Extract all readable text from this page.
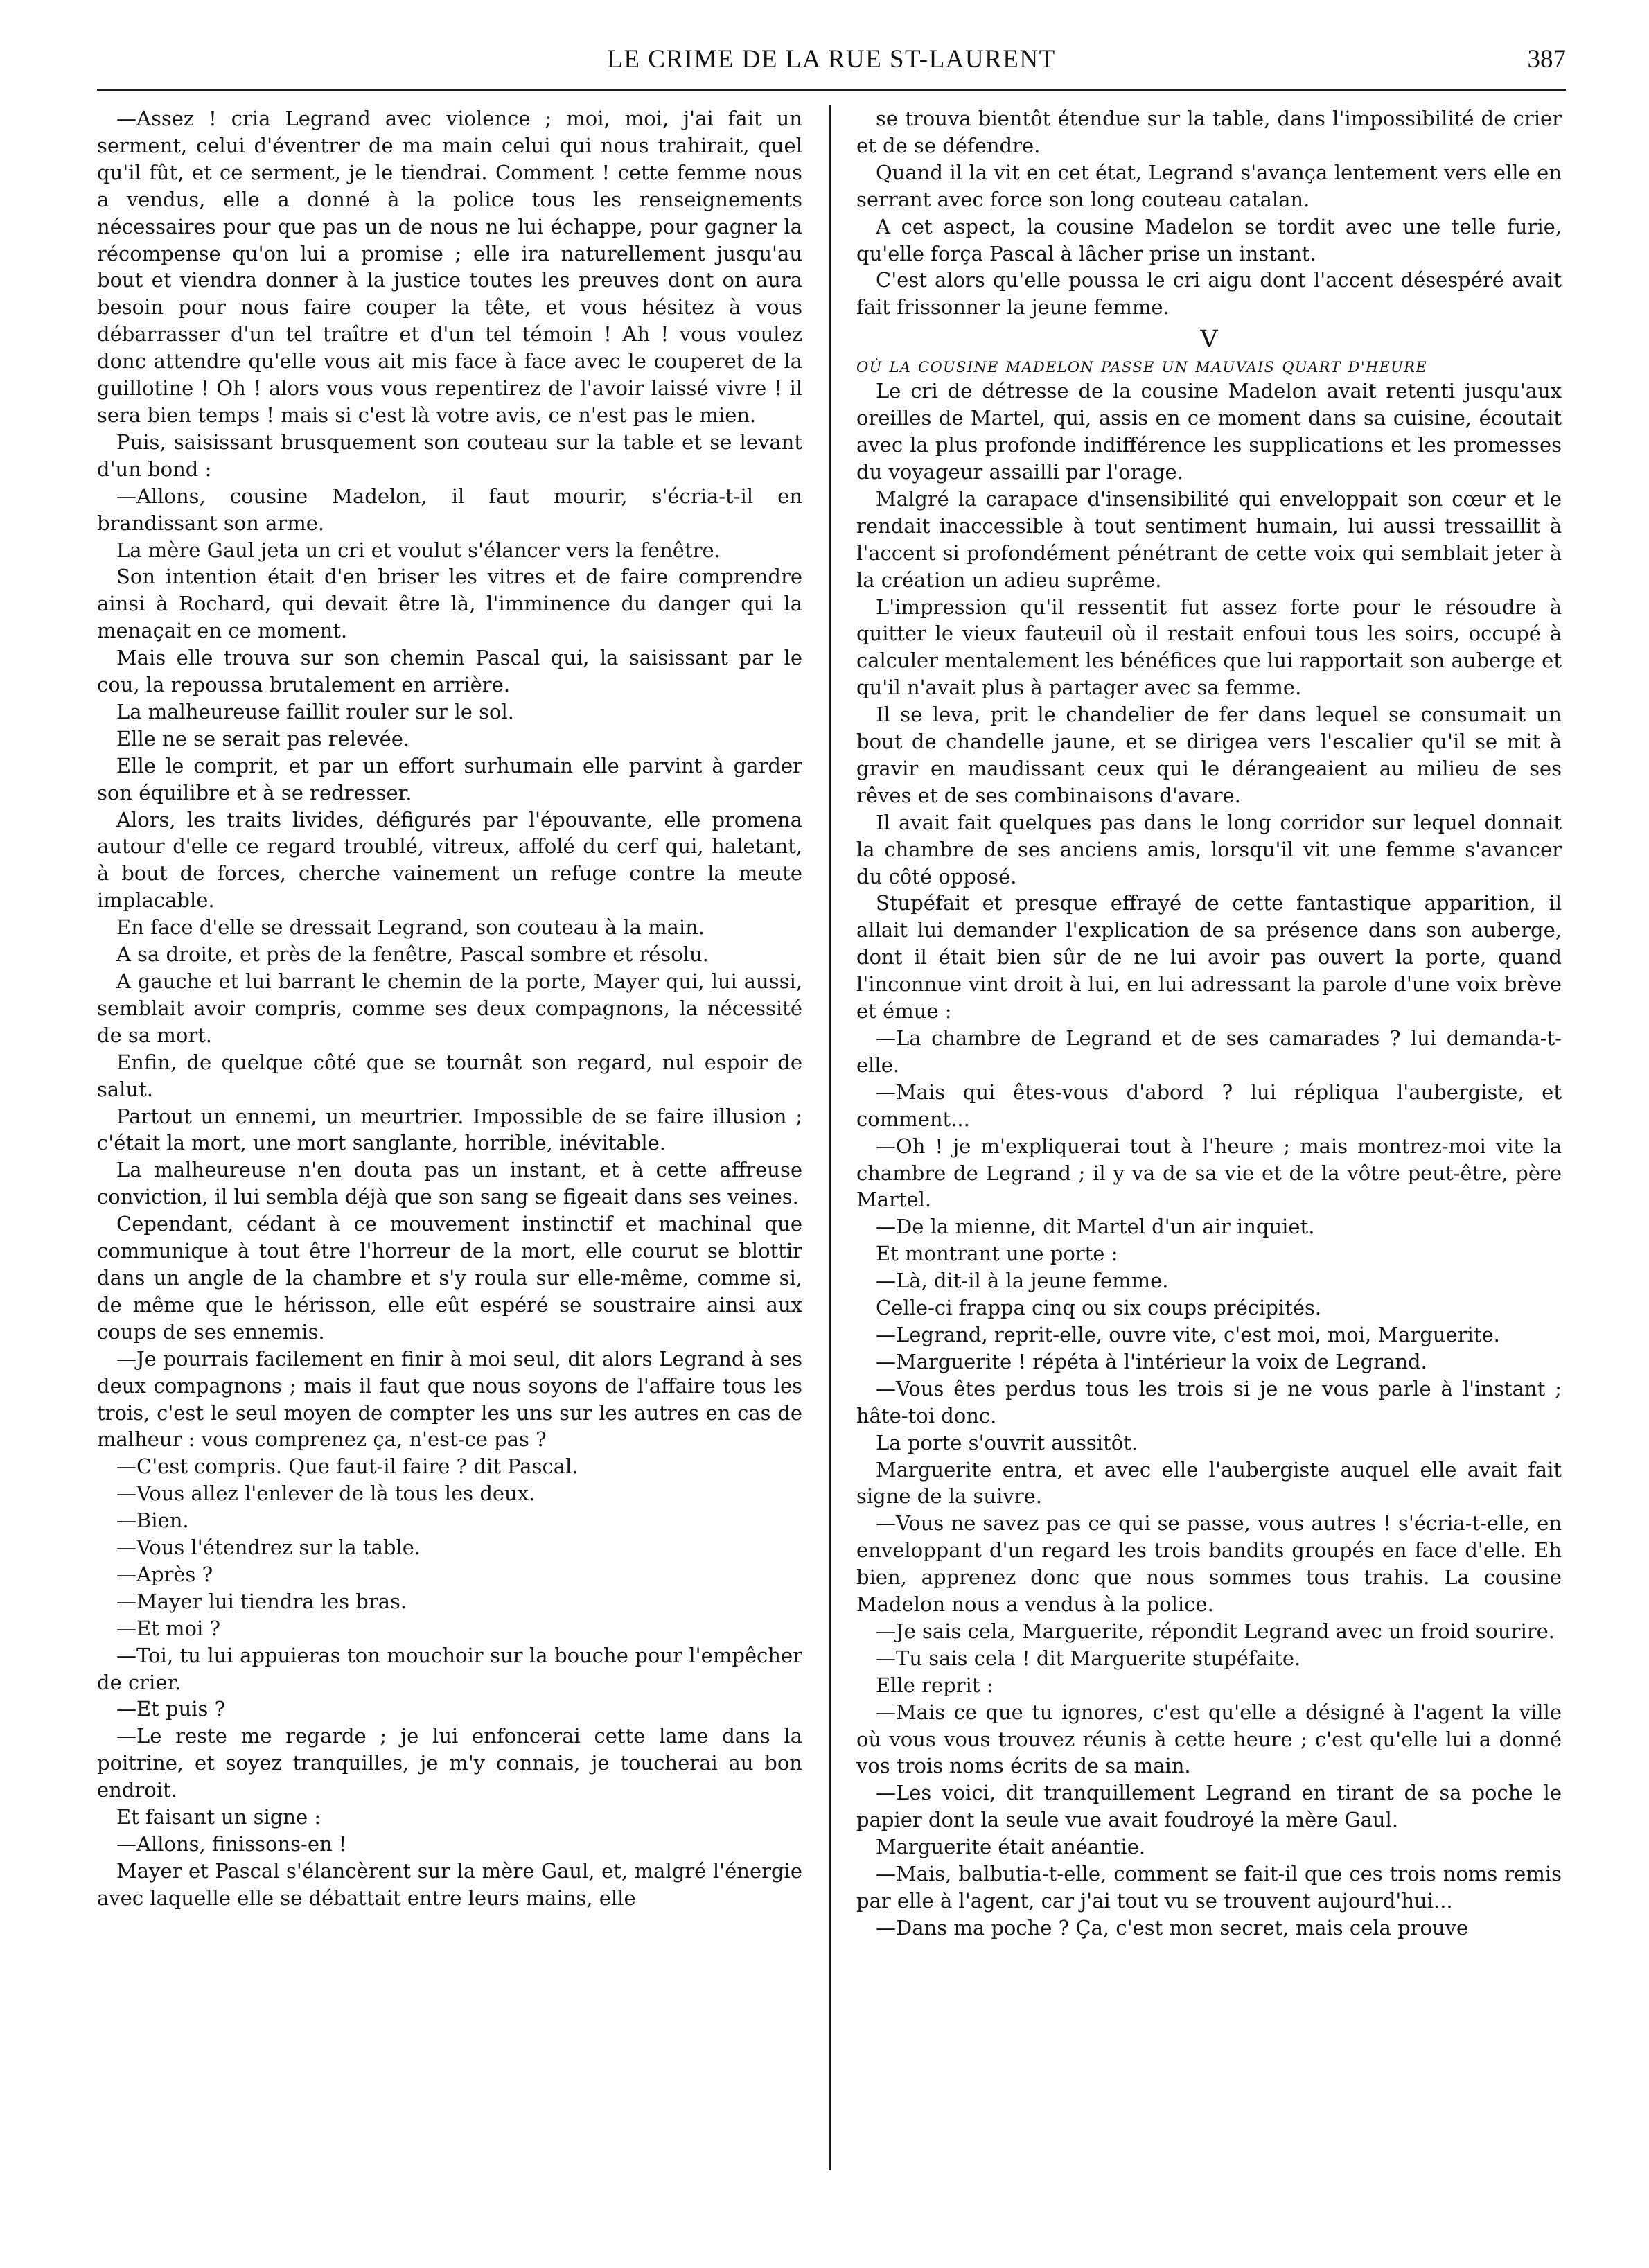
LE CRIME DE LA RUE ST-LAURENT	387

—Assez ! cria Legrand avec violence ; moi, moi, j'ai fait un serment, celui d'éventrer de ma main celui qui nous trahirait, quel qu'il fût, et ce serment, je le tiendrai. Comment ! cette femme nous a vendus, elle a donné à la police tous les renseignements nécessaires pour que pas un de nous ne lui échappe, pour gagner la récompense qu'on lui a promise ; elle ira naturellement jusqu'au bout et viendra donner à la justice toutes les preuves dont on aura besoin pour nous faire couper la tête, et vous hésitez à vous débarrasser d'un tel traître et d'un tel témoin ! Ah ! vous voulez donc attendre qu'elle vous ait mis face à face avec le couperet de la guillotine ! Oh ! alors vous vous repentirez de l'avoir laissé vivre ! il sera bien temps ! mais si c'est là votre avis, ce n'est pas le mien.

Puis, saisissant brusquement son couteau sur la table et se levant d'un bond :

—Allons, cousine Madelon, il faut mourir, s'écria-t-il en brandissant son arme.

La mère Gaul jeta un cri et voulut s'élancer vers la fenêtre.

Son intention était d'en briser les vitres et de faire comprendre ainsi à Rochard, qui devait être là, l'imminence du danger qui la menaçait en ce moment.

Mais elle trouva sur son chemin Pascal qui, la saisissant par le cou, la repoussa brutalement en arrière.

La malheureuse faillit rouler sur le sol.

Elle ne se serait pas relevée.

Elle le comprit, et par un effort surhumain elle parvint à garder son équilibre et à se redresser.

Alors, les traits livides, défigurés par l'épouvante, elle promena autour d'elle ce regard troublé, vitreux, affolé du cerf qui, haletant, à bout de forces, cherche vainement un refuge contre la meute implacable.

En face d'elle se dressait Legrand, son couteau à la main.

A sa droite, et près de la fenêtre, Pascal sombre et résolu.

A gauche et lui barrant le chemin de la porte, Mayer qui, lui aussi, semblait avoir compris, comme ses deux compagnons, la nécessité de sa mort.

Enfin, de quelque côté que se tournât son regard, nul espoir de salut.

Partout un ennemi, un meurtrier. Impossible de se faire illusion ; c'était la mort, une mort sanglante, horrible, inévitable.

La malheureuse n'en douta pas un instant, et à cette affreuse conviction, il lui sembla déjà que son sang se figeait dans ses veines.

Cependant, cédant à ce mouvement instinctif et machinal que communique à tout être l'horreur de la mort, elle courut se blottir dans un angle de la chambre et s'y roula sur elle-même, comme si, de même que le hérisson, elle eût espéré se soustraire ainsi aux coups de ses ennemis.

—Je pourrais facilement en finir à moi seul, dit alors Legrand à ses deux compagnons ; mais il faut que nous soyons de l'affaire tous les trois, c'est le seul moyen de compter les uns sur les autres en cas de malheur : vous comprenez ça, n'est-ce pas ?

—C'est compris. Que faut-il faire ? dit Pascal.

—Vous allez l'enlever de là tous les deux.

—Bien.

—Vous l'étendrez sur la table.

—Après ?

—Mayer lui tiendra les bras.

—Et moi ?

—Toi, tu lui appuieras ton mouchoir sur la bouche pour l'empêcher de crier.

—Et puis ?

—Le reste me regarde ; je lui enfoncerai cette lame dans la poitrine, et soyez tranquilles, je m'y connais, je toucherai au bon endroit.

Et faisant un signe :

—Allons, finissons-en !

Mayer et Pascal s'élancèrent sur la mère Gaul, et, malgré l'énergie avec laquelle elle se débattait entre leurs mains, elle

se trouva bientôt étendue sur la table, dans l'impossibilité de crier et de se défendre.

Quand il la vit en cet état, Legrand s'avança lentement vers elle en serrant avec force son long couteau catalan.

A cet aspect, la cousine Madelon se tordit avec une telle furie, qu'elle força Pascal à lâcher prise un instant.

C'est alors qu'elle poussa le cri aigu dont l'accent désespéré avait fait frissonner la jeune femme.

V

OÙ LA COUSINE MADELON PASSE UN MAUVAIS QUART D'HEURE

Le cri de détresse de la cousine Madelon avait retenti jusqu'aux oreilles de Martel, qui, assis en ce moment dans sa cuisine, écoutait avec la plus profonde indifférence les supplications et les promesses du voyageur assailli par l'orage.

Malgré la carapace d'insensibilité qui enveloppait son cœur et le rendait inaccessible à tout sentiment humain, lui aussi tressaillit à l'accent si profondément pénétrant de cette voix qui semblait jeter à la création un adieu suprême.

L'impression qu'il ressentit fut assez forte pour le résoudre à quitter le vieux fauteuil où il restait enfoui tous les soirs, occupé à calculer mentalement les bénéfices que lui rapportait son auberge et qu'il n'avait plus à partager avec sa femme.

Il se leva, prit le chandelier de fer dans lequel se consumait un bout de chandelle jaune, et se dirigea vers l'escalier qu'il se mit à gravir en maudissant ceux qui le dérangeaient au milieu de ses rêves et de ses combinaisons d'avare.

Il avait fait quelques pas dans le long corridor sur lequel donnait la chambre de ses anciens amis, lorsqu'il vit une femme s'avancer du côté opposé.

Stupéfait et presque effrayé de cette fantastique apparition, il allait lui demander l'explication de sa présence dans son auberge, dont il était bien sûr de ne lui avoir pas ouvert la porte, quand l'inconnue vint droit à lui, en lui adressant la parole d'une voix brève et émue :

—La chambre de Legrand et de ses camarades ? lui demanda-t-elle.

—Mais qui êtes-vous d'abord ? lui répliqua l'aubergiste, et comment...

—Oh ! je m'expliquerai tout à l'heure ; mais montrez-moi vite la chambre de Legrand ; il y va de sa vie et de la vôtre peut-être, père Martel.

—De la mienne, dit Martel d'un air inquiet.

Et montrant une porte :

—Là, dit-il à la jeune femme.

Celle-ci frappa cinq ou six coups précipités.

—Legrand, reprit-elle, ouvre vite, c'est moi, moi, Marguerite.

—Marguerite ! répéta à l'intérieur la voix de Legrand.

—Vous êtes perdus tous les trois si je ne vous parle à l'instant ; hâte-toi donc.

La porte s'ouvrit aussitôt.

Marguerite entra, et avec elle l'aubergiste auquel elle avait fait signe de la suivre.

—Vous ne savez pas ce qui se passe, vous autres ! s'écria-t-elle, en enveloppant d'un regard les trois bandits groupés en face d'elle. Eh bien, apprenez donc que nous sommes tous trahis. La cousine Madelon nous a vendus à la police.

—Je sais cela, Marguerite, répondit Legrand avec un froid sourire.

—Tu sais cela ! dit Marguerite stupéfaite.

Elle reprit :

—Mais ce que tu ignores, c'est qu'elle a désigné à l'agent la ville où vous vous trouvez réunis à cette heure ; c'est qu'elle lui a donné vos trois noms écrits de sa main.

—Les voici, dit tranquillement Legrand en tirant de sa poche le papier dont la seule vue avait foudroyé la mère Gaul.

Marguerite était anéantie.

—Mais, balbutia-t-elle, comment se fait-il que ces trois noms remis par elle à l'agent, car j'ai tout vu se trouvent aujourd'hui...

—Dans ma poche ? Ça, c'est mon secret, mais cela prouve
